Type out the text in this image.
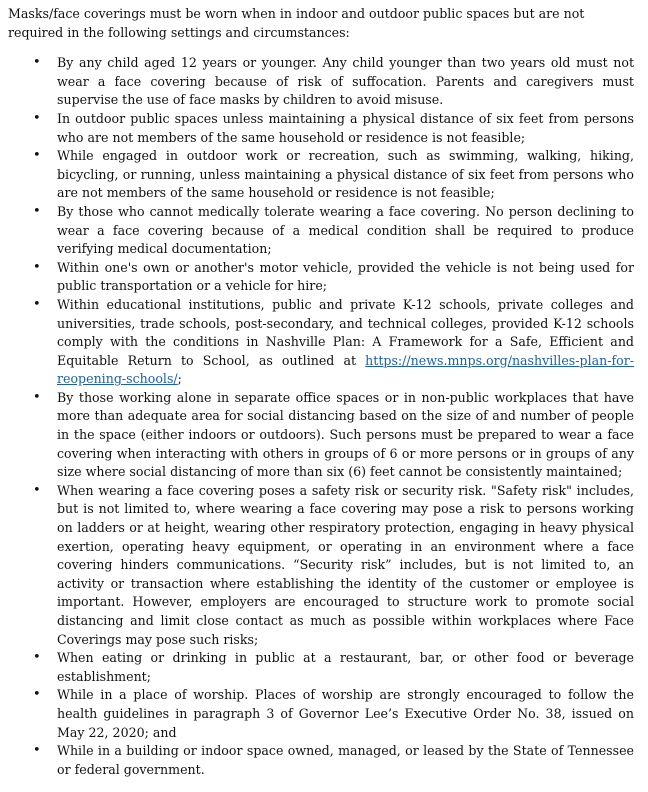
Masks/face coverings must be worn when in indoor and outdoor public spaces but are not required in the following settings and circumstances:

• By any child aged 12 years or younger. Any child younger than two years old must not wear a face covering because of risk of suffocation. Parents and caregivers must supervise the use of face masks by children to avoid misuse.
• In outdoor public spaces unless maintaining a physical distance of six feet from persons who are not members of the same household or residence is not feasible;
• While engaged in outdoor work or recreation, such as swimming, walking, hiking, bicycling, or running, unless maintaining a physical distance of six feet from persons who are not members of the same household or residence is not feasible;
• By those who cannot medically tolerate wearing a face covering. No person declining to wear a face covering because of a medical condition shall be required to produce verifying medical documentation;
• Within one's own or another's motor vehicle, provided the vehicle is not being used for public transportation or a vehicle for hire;
• Within educational institutions, public and private K-12 schools, private colleges and universities, trade schools, post-secondary, and technical colleges, provided K-12 schools comply with the conditions in Nashville Plan: A Framework for a Safe, Efficient and Equitable Return to School, as outlined at https://news.mnps.org/nashvilles-plan-for-reopening-schools/;
• By those working alone in separate office spaces or in non-public workplaces that have more than adequate area for social distancing based on the size of and number of people in the space (either indoors or outdoors). Such persons must be prepared to wear a face covering when interacting with others in groups of 6 or more persons or in groups of any size where social distancing of more than six (6) feet cannot be consistently maintained;
• When wearing a face covering poses a safety risk or security risk. "Safety risk" includes, but is not limited to, where wearing a face covering may pose a risk to persons working on ladders or at height, wearing other respiratory protection, engaging in heavy physical exertion, operating heavy equipment, or operating in an environment where a face covering hinders communications. “Security risk” includes, but is not limited to, an activity or transaction where establishing the identity of the customer or employee is important. However, employers are encouraged to structure work to promote social distancing and limit close contact as much as possible within workplaces where Face Coverings may pose such risks;
• When eating or drinking in public at a restaurant, bar, or other food or beverage establishment;
• While in a place of worship. Places of worship are strongly encouraged to follow the health guidelines in paragraph 3 of Governor Lee’s Executive Order No. 38, issued on May 22, 2020; and
• While in a building or indoor space owned, managed, or leased by the State of Tennessee or federal government.
